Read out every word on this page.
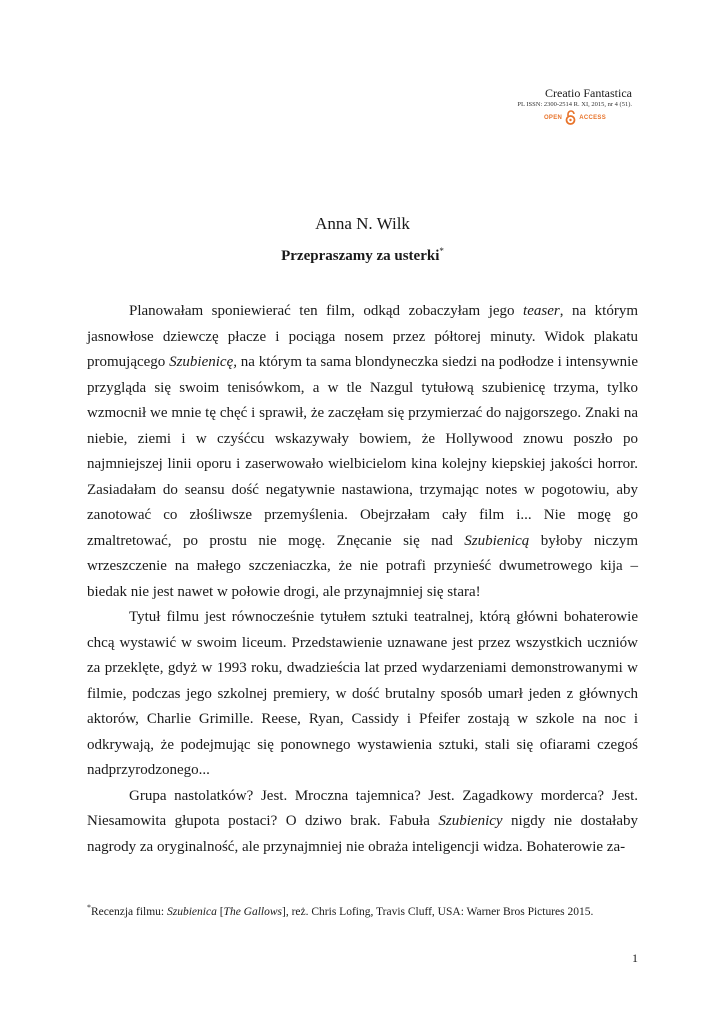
Creatio Fantastica
PL ISSN: 2300-2514 R. XI, 2015, nr 4 (51).
OPEN	ACCESS
Anna N. Wilk
Przepraszamy za usterki*

Planowałam sponiewierać ten film, odkąd zobaczyłam jego teaser, na którym jasnowłose dziewczę płacze i pociąga nosem przez półtorej minuty. Widok plakatu promującego Szubienicę, na którym ta sama blondyneczka siedzi na podłodze i intensywnie przygląda się swoim tenisówkom, a w tle Nazgul tytułową szubienicę trzyma, tylko wzmocnił we mnie tę chęć i sprawił, że zaczęłam się przymierzać do najgorszego. Znaki na niebie, ziemi i w czyśćcu wskazywały bowiem, że Hollywood znowu poszło po najmniejszej linii oporu i zaserwowało wielbicielom kina kolejny kiepskiej jakości horror. Zasiadałam do seansu dość negatywnie nastawiona, trzymając notes w pogotowiu, aby zanotować co złośliwsze przemyślenia. Obejrzałam cały film i... Nie mogę go zmaltretować, po prostu nie mogę. Znęcanie się nad Szubienicą byłoby niczym wrzeszczenie na małego szczeniaczka, że nie potrafi przynieść dwumetrowego kija – biedak nie jest nawet w połowie drogi, ale przynajmniej się stara!

Tytuł filmu jest równocześnie tytułem sztuki teatralnej, którą główni bohaterowie chcą wystawić w swoim liceum. Przedstawienie uznawane jest przez wszystkich uczniów za przeklęte, gdyż w 1993 roku, dwadzieścia lat przed wydarzeniami demonstrowanymi w filmie, podczas jego szkolnej premiery, w dość brutalny sposób umarł jeden z głównych aktorów, Charlie Grimille. Reese, Ryan, Cassidy i Pfeifer zostają w szkole na noc i odkrywają, że podejmując się ponownego wystawienia sztuki, stali się ofiarami czegoś nadprzyrodzonego...

Grupa nastolatków? Jest. Mroczna tajemnica? Jest. Zagadkowy morderca? Jest. Niesamowita głupota postaci? O dziwo brak. Fabuła Szubienicy nigdy nie dostałaby nagrody za oryginalność, ale przynajmniej nie obraża inteligencji widza. Bohaterowie za-

*Recenzja filmu: Szubienica [The Gallows], reż. Chris Lofing, Travis Cluff, USA: Warner Bros Pictures 2015.
1
